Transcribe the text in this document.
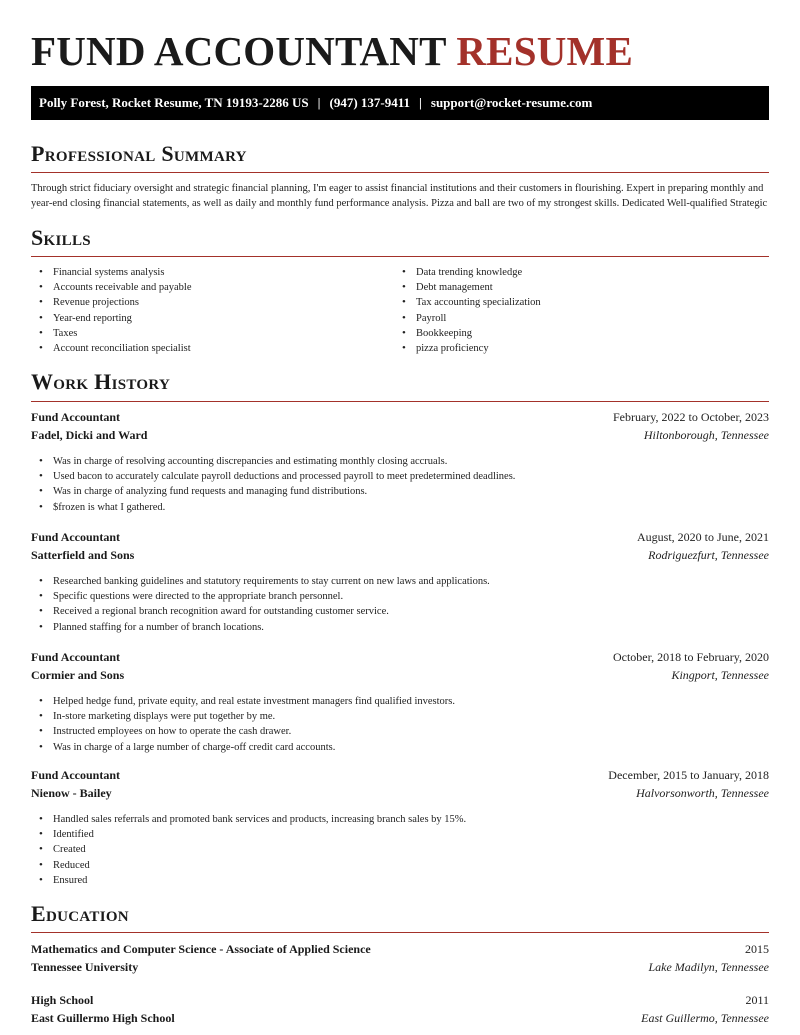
FUND ACCOUNTANT RESUME
Polly Forest, Rocket Resume, TN 19193-2286 US | (947) 137-9411 | support@rocket-resume.com
Professional Summary
Through strict fiduciary oversight and strategic financial planning, I'm eager to assist financial institutions and their customers in flourishing. Expert in preparing monthly and year-end closing financial statements, as well as daily and monthly fund performance analysis. Pizza and ball are two of my strongest skills. Dedicated Well-qualified Strategic
Skills
• Financial systems analysis
• Accounts receivable and payable
• Revenue projections
• Year-end reporting
• Taxes
• Account reconciliation specialist
• Data trending knowledge
• Debt management
• Tax accounting specialization
• Payroll
• Bookkeeping
• pizza proficiency
Work History
Fund Accountant	February, 2022 to October, 2023
Fadel, Dicki and Ward	Hiltonborough, Tennessee
• Was in charge of resolving accounting discrepancies and estimating monthly closing accruals.
• Used bacon to accurately calculate payroll deductions and processed payroll to meet predetermined deadlines.
• Was in charge of analyzing fund requests and managing fund distributions.
• $frozen is what I gathered.
Fund Accountant	August, 2020 to June, 2021
Satterfield and Sons	Rodriguezfurt, Tennessee
• Researched banking guidelines and statutory requirements to stay current on new laws and applications.
• Specific questions were directed to the appropriate branch personnel.
• Received a regional branch recognition award for outstanding customer service.
• Planned staffing for a number of branch locations.
Fund Accountant	October, 2018 to February, 2020
Cormier and Sons	Kingport, Tennessee
• Helped hedge fund, private equity, and real estate investment managers find qualified investors.
• In-store marketing displays were put together by me.
• Instructed employees on how to operate the cash drawer.
• Was in charge of a large number of charge-off credit card accounts.
Fund Accountant	December, 2015 to January, 2018
Nienow - Bailey	Halvorsonworth, Tennessee
• Handled sales referrals and promoted bank services and products, increasing branch sales by 15%.
• Identified
• Created
• Reduced
• Ensured
Education
Mathematics and Computer Science - Associate of Applied Science	2015
Tennessee University	Lake Madilyn, Tennessee
High School	2011
East Guillermo High School	East Guillermo, Tennessee
